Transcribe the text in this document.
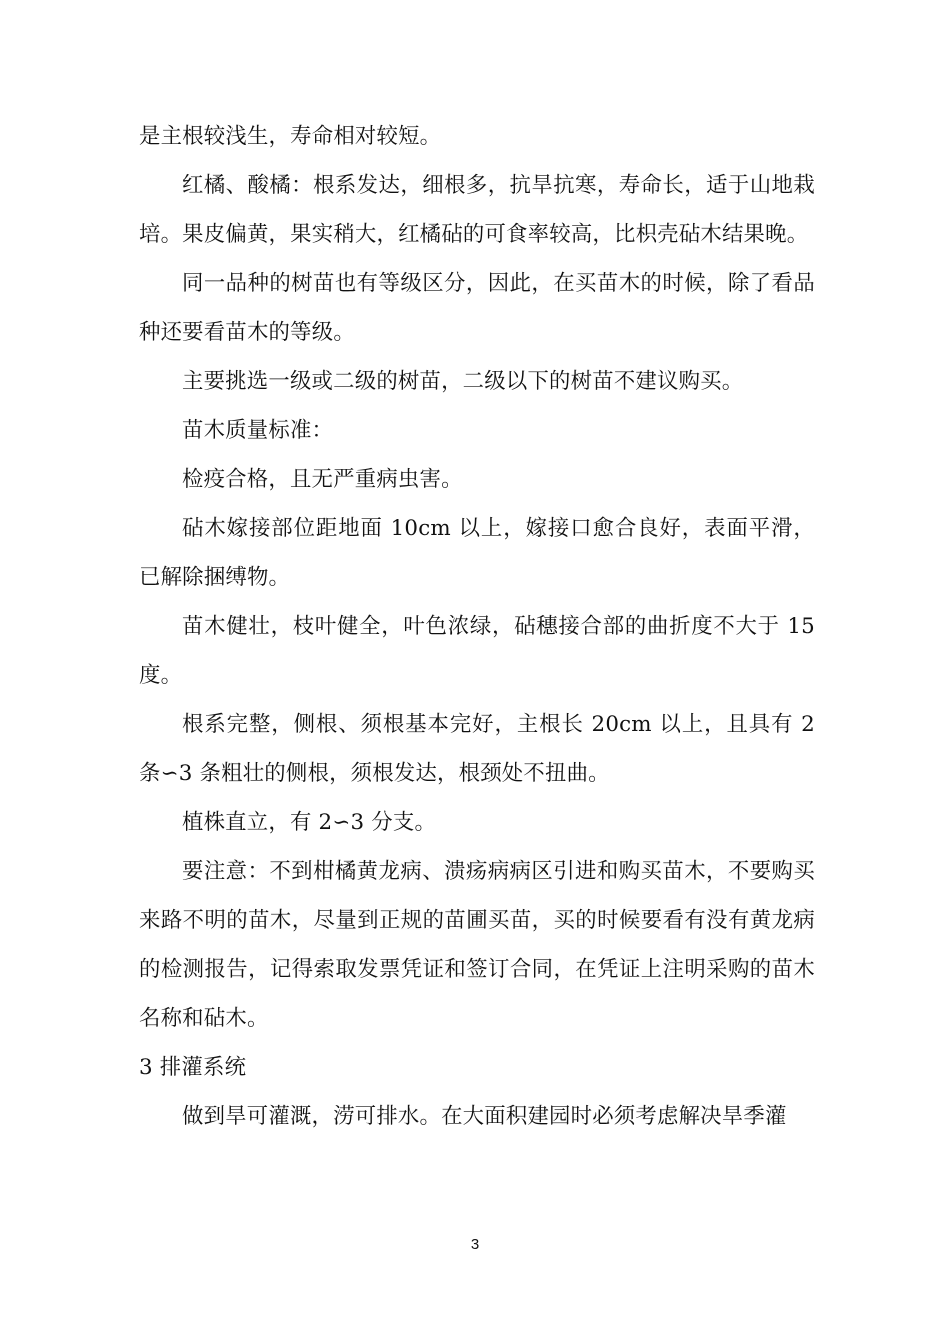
是主根较浅生，寿命相对较短。

红橘、酸橘：根系发达，细根多，抗旱抗寒，寿命长，适于山地栽培。果皮偏黄，果实稍大，红橘砧的可食率较高，比枳壳砧木结果晚。

同一品种的树苗也有等级区分，因此，在买苗木的时候，除了看品种还要看苗木的等级。

主要挑选一级或二级的树苗，二级以下的树苗不建议购买。

苗木质量标准：

检疫合格，且无严重病虫害。

砧木嫁接部位距地面 10cm 以上，嫁接口愈合良好，表面平滑，已解除捆缚物。

苗木健壮，枝叶健全，叶色浓绿，砧穗接合部的曲折度不大于 15 度。

根系完整，侧根、须根基本完好，主根长 20cm 以上，且具有 2 条∽3 条粗壮的侧根，须根发达，根颈处不扭曲。

植株直立，有 2∽3 分支。

要注意：不到柑橘黄龙病、溃疡病病区引进和购买苗木，不要购买来路不明的苗木，尽量到正规的苗圃买苗，买的时候要看有没有黄龙病的检测报告，记得索取发票凭证和签订合同，在凭证上注明采购的苗木名称和砧木。

3 排灌系统

做到旱可灌溉，涝可排水。在大面积建园时必须考虑解决旱季灌

3
